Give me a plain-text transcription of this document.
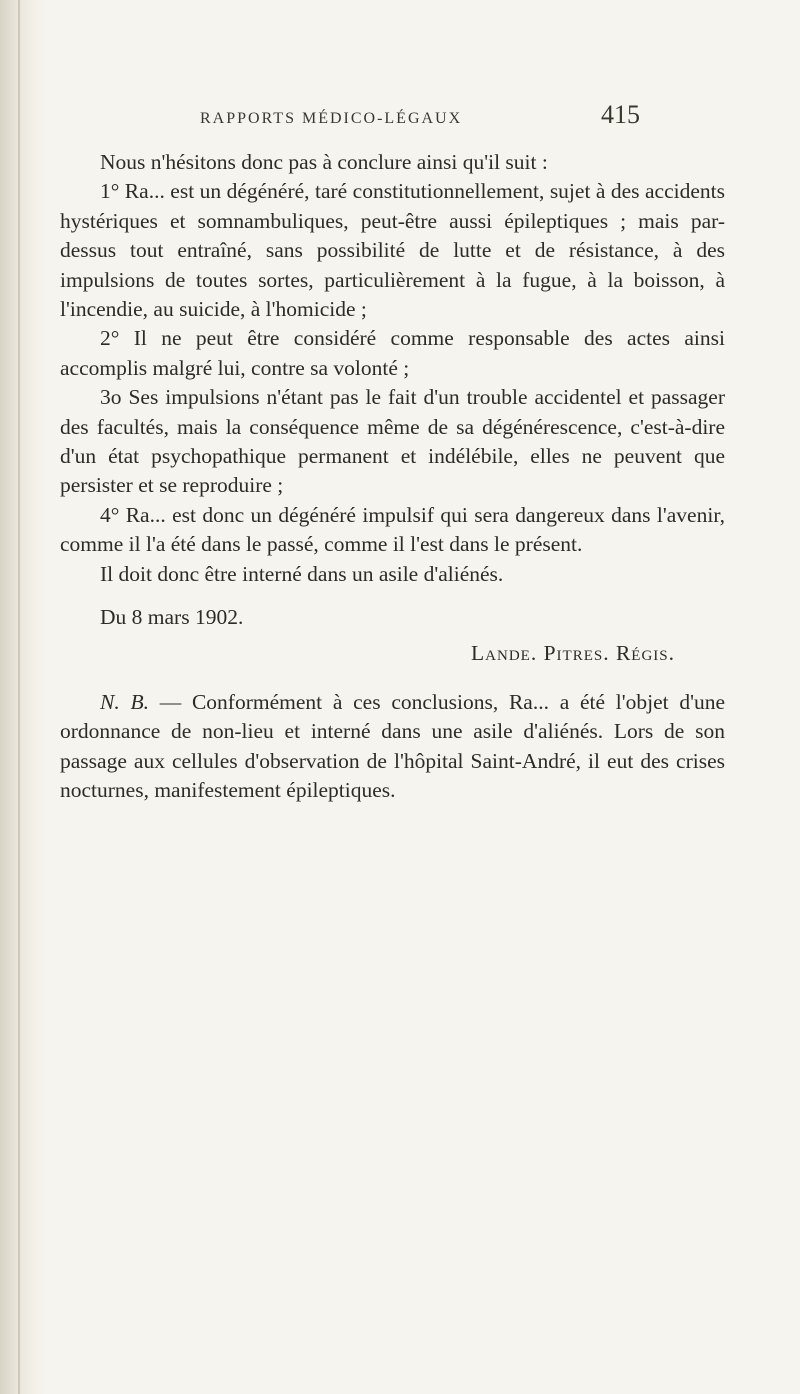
RAPPORTS MÉDICO-LÉGAUX	415

Nous n'hésitons donc pas à conclure ainsi qu'il suit :

1° Ra... est un dégénéré, taré constitutionnellement, sujet à des accidents hystériques et somnambuliques, peut-être aussi épileptiques ; mais par-dessus tout entraîné, sans possibilité de lutte et de résistance, à des impulsions de toutes sortes, particulièrement à la fugue, à la boisson, à l'incendie, au suicide, à l'homicide ;

2° Il ne peut être considéré comme responsable des actes ainsi accomplis malgré lui, contre sa volonté ;

3o Ses impulsions n'étant pas le fait d'un trouble accidentel et passager des facultés, mais la conséquence même de sa dégénérescence, c'est-à-dire d'un état psychopathique permanent et indélébile, elles ne peuvent que persister et se reproduire ;

4° Ra... est donc un dégénéré impulsif qui sera dangereux dans l'avenir, comme il l'a été dans le passé, comme il l'est dans le présent.

Il doit donc être interné dans un asile d'aliénés.

Du 8 mars 1902.

Lande. Pitres. Régis.

N. B. — Conformément à ces conclusions, Ra... a été l'objet d'une ordonnance de non-lieu et interné dans une asile d'aliénés. Lors de son passage aux cellules d'observation de l'hôpital Saint-André, il eut des crises nocturnes, manifestement épileptiques.
